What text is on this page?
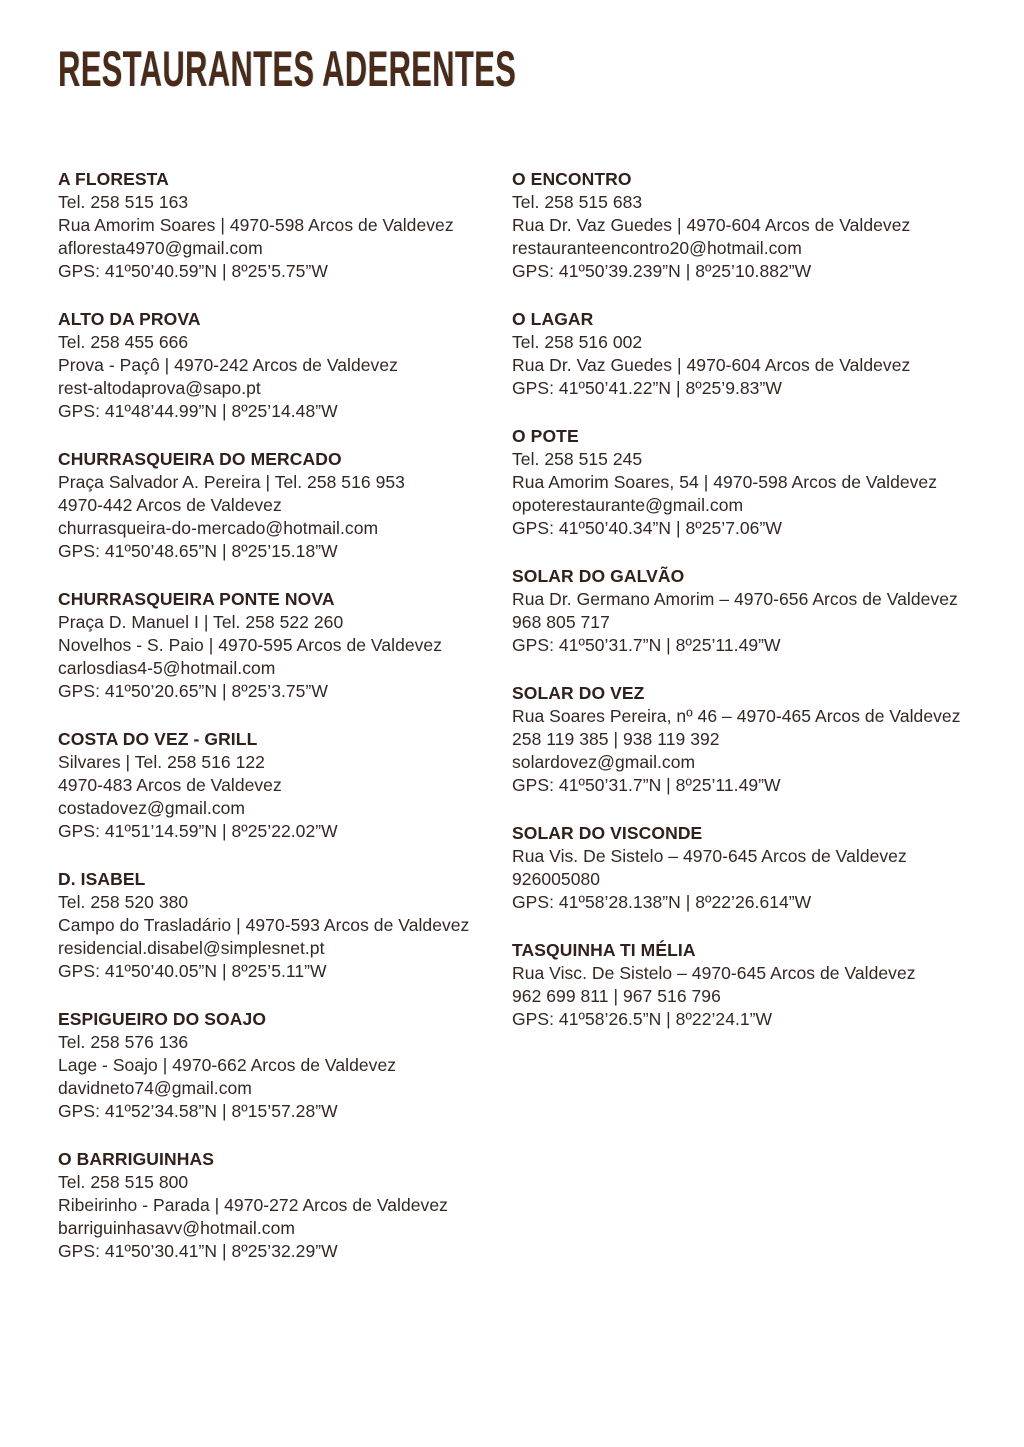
RESTAURANTES ADERENTES
A FLORESTA
Tel. 258 515 163
Rua Amorim Soares | 4970-598 Arcos de Valdevez
afloresta4970@gmail.com
GPS: 41º50’40.59”N | 8º25’5.75”W
ALTO DA PROVA
Tel. 258 455 666
Prova - Paçô | 4970-242 Arcos de Valdevez
rest-altodaprova@sapo.pt
GPS: 41º48’44.99”N | 8º25’14.48”W
CHURRASQUEIRA DO MERCADO
Praça Salvador A. Pereira | Tel. 258 516 953
4970-442 Arcos de Valdevez
churrasqueira-do-mercado@hotmail.com
GPS: 41º50’48.65”N | 8º25’15.18”W
CHURRASQUEIRA PONTE NOVA
Praça D. Manuel I | Tel. 258 522 260
Novelhos - S. Paio | 4970-595 Arcos de Valdevez
carlosdias4-5@hotmail.com
GPS: 41º50’20.65”N | 8º25’3.75”W
COSTA DO VEZ - GRILL
Silvares | Tel. 258 516 122
4970-483 Arcos de Valdevez
costadovez@gmail.com
GPS: 41º51’14.59”N | 8º25’22.02”W
D. ISABEL
Tel. 258 520 380
Campo do Trasladário | 4970-593 Arcos de Valdevez
residencial.disabel@simplesnet.pt
GPS: 41º50’40.05”N | 8º25’5.11”W
ESPIGUEIRO DO SOAJO
Tel. 258 576 136
Lage - Soajo | 4970-662 Arcos de Valdevez
davidneto74@gmail.com
GPS: 41º52’34.58”N | 8º15’57.28”W
O BARRIGUINHAS
Tel. 258 515 800
Ribeirinho - Parada | 4970-272 Arcos de Valdevez
barriguinhasavv@hotmail.com
GPS: 41º50’30.41”N | 8º25’32.29”W
O ENCONTRO
Tel. 258 515 683
Rua Dr. Vaz Guedes | 4970-604 Arcos de Valdevez
restauranteencontro20@hotmail.com
GPS: 41º50’39.239”N | 8º25’10.882”W
O LAGAR
Tel. 258 516 002
Rua Dr. Vaz Guedes | 4970-604 Arcos de Valdevez
GPS: 41º50’41.22”N | 8º25’9.83”W
O POTE
Tel. 258 515 245
Rua Amorim Soares, 54 | 4970-598 Arcos de Valdevez
opoterestaurante@gmail.com
GPS: 41º50’40.34”N | 8º25’7.06”W
SOLAR DO GALVÃO
Rua Dr. Germano Amorim – 4970-656 Arcos de Valdevez
968 805 717
GPS: 41º50’31.7”N | 8º25’11.49”W
SOLAR DO VEZ
Rua Soares Pereira, nº 46 – 4970-465 Arcos de Valdevez
258 119 385 | 938 119 392
solardovez@gmail.com
GPS: 41º50’31.7”N | 8º25’11.49”W
SOLAR DO VISCONDE
Rua Vis. De Sistelo – 4970-645 Arcos de Valdevez
926005080
GPS: 41º58’28.138”N | 8º22’26.614”W
TASQUINHA TI MÉLIA
Rua Visc. De Sistelo – 4970-645 Arcos de Valdevez
962 699 811 | 967 516 796
GPS: 41º58’26.5”N | 8º22’24.1”W
